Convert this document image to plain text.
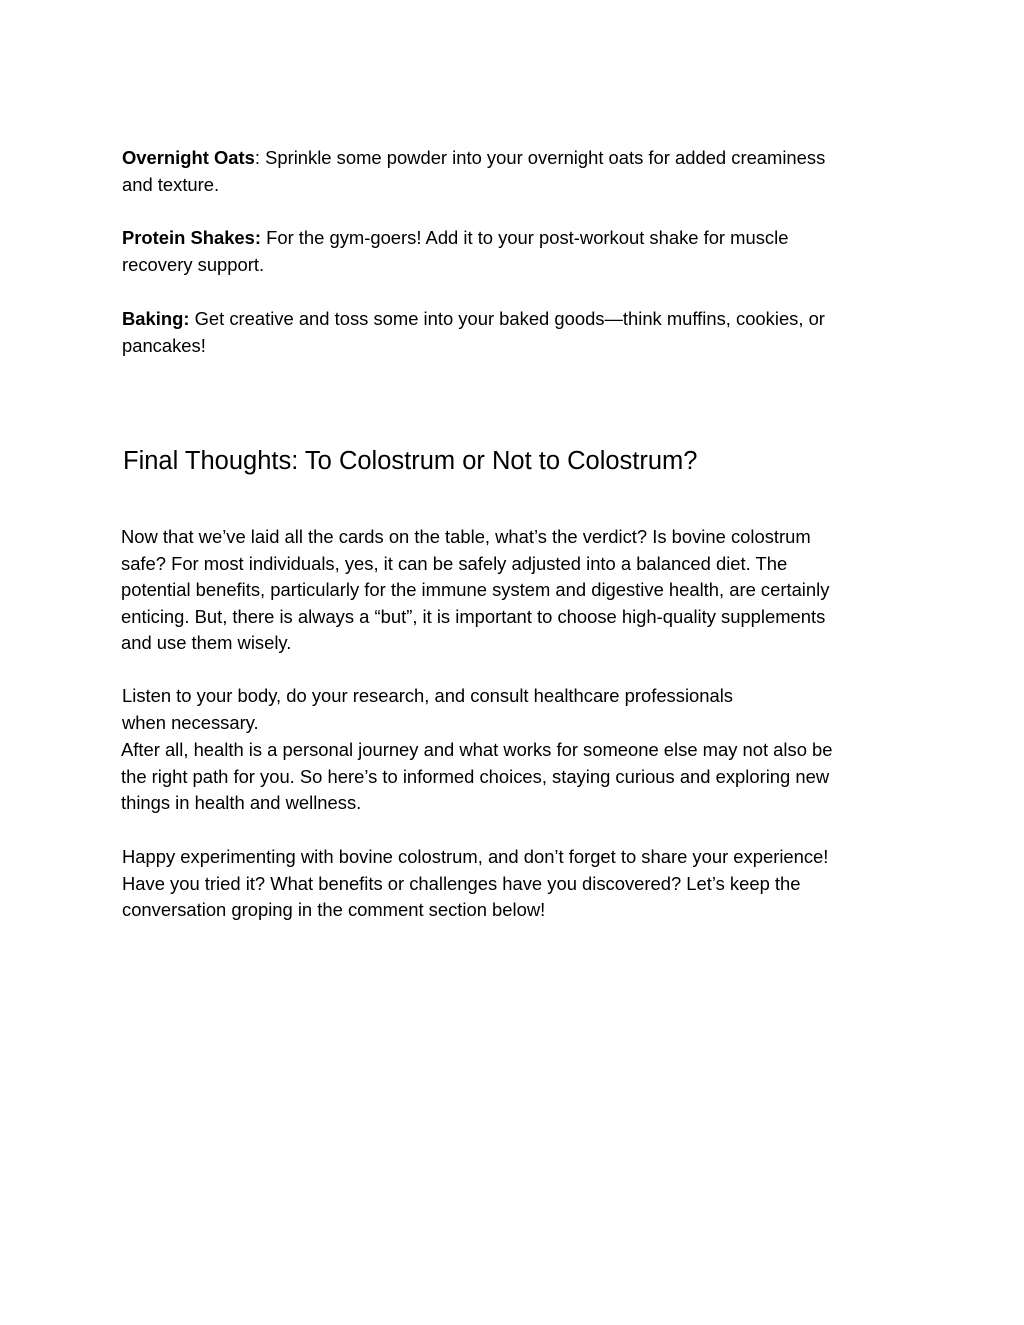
Overnight Oats: Sprinkle some powder into your overnight oats for added creaminess
and texture.
Protein Shakes: For the gym-goers! Add it to your post-workout shake for muscle
recovery support.
Baking: Get creative and toss some into your baked goods—think muffins, cookies, or
pancakes!
Final Thoughts: To Colostrum or Not to Colostrum?
Now that we’ve laid all the cards on the table, what’s the verdict? Is bovine colostrum
safe? For most individuals, yes, it can be safely adjusted into a balanced diet. The
potential benefits, particularly for the immune system and digestive health, are certainly
enticing. But, there is always a “but”, it is important to choose high-quality supplements
and use them wisely.
Listen to your body, do your research, and consult healthcare professionals
when necessary.
After all, health is a personal journey and what works for someone else may not also be
the right path for you. So here’s to informed choices, staying curious and exploring new
things in health and wellness.
Happy experimenting with bovine colostrum, and don’t forget to share your experience!
Have you tried it? What benefits or challenges have you discovered? Let’s keep the
conversation groping in the comment section below!
